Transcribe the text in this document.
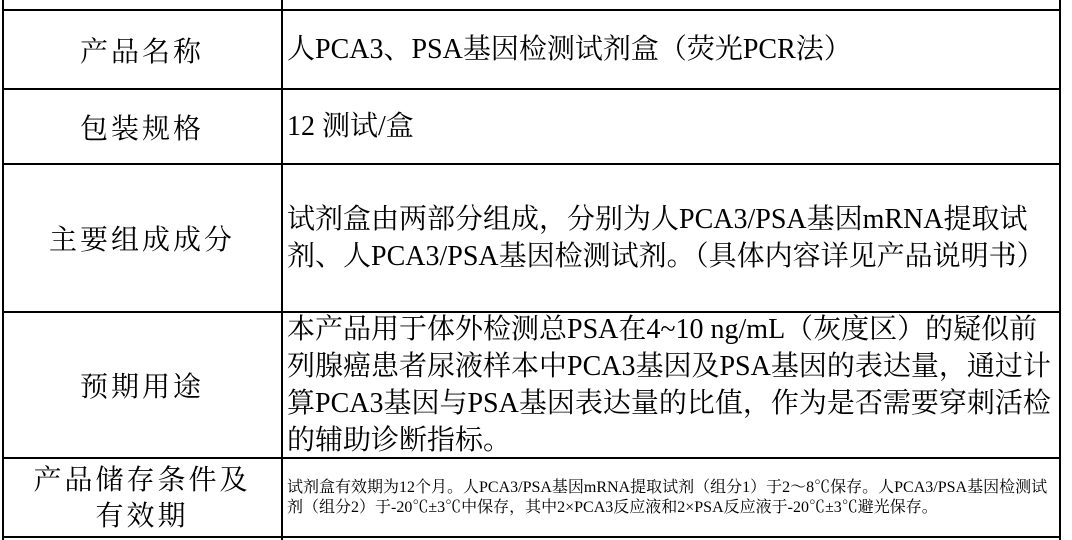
产品名称	人PCA3、PSA基因检测试剂盒（荧光PCR法）
包装规格	12 测试/盒
主要组成成分
试剂盒由两部分组成，分别为人PCA3/PSA基因mRNA提取试剂、人PCA3/PSA基因检测试剂。（具体内容详见产品说明书）
预期用途
本产品用于体外检测总PSA在4~10 ng/mL（灰度区）的疑似前列腺癌患者尿液样本中PCA3基因及PSA基因的表达量，通过计算PCA3基因与PSA基因表达量的比值，作为是否需要穿刺活检的辅助诊断指标。
产品储存条件及
有效期
试剂盒有效期为12个月。人PCA3/PSA基因mRNA提取试剂（组分1）于2～8℃保存。人PCA3/PSA基因检测试剂（组分2）于-20℃±3℃中保存，其中2×PCA3反应液和2×PSA反应液于-20℃±3℃避光保存。
